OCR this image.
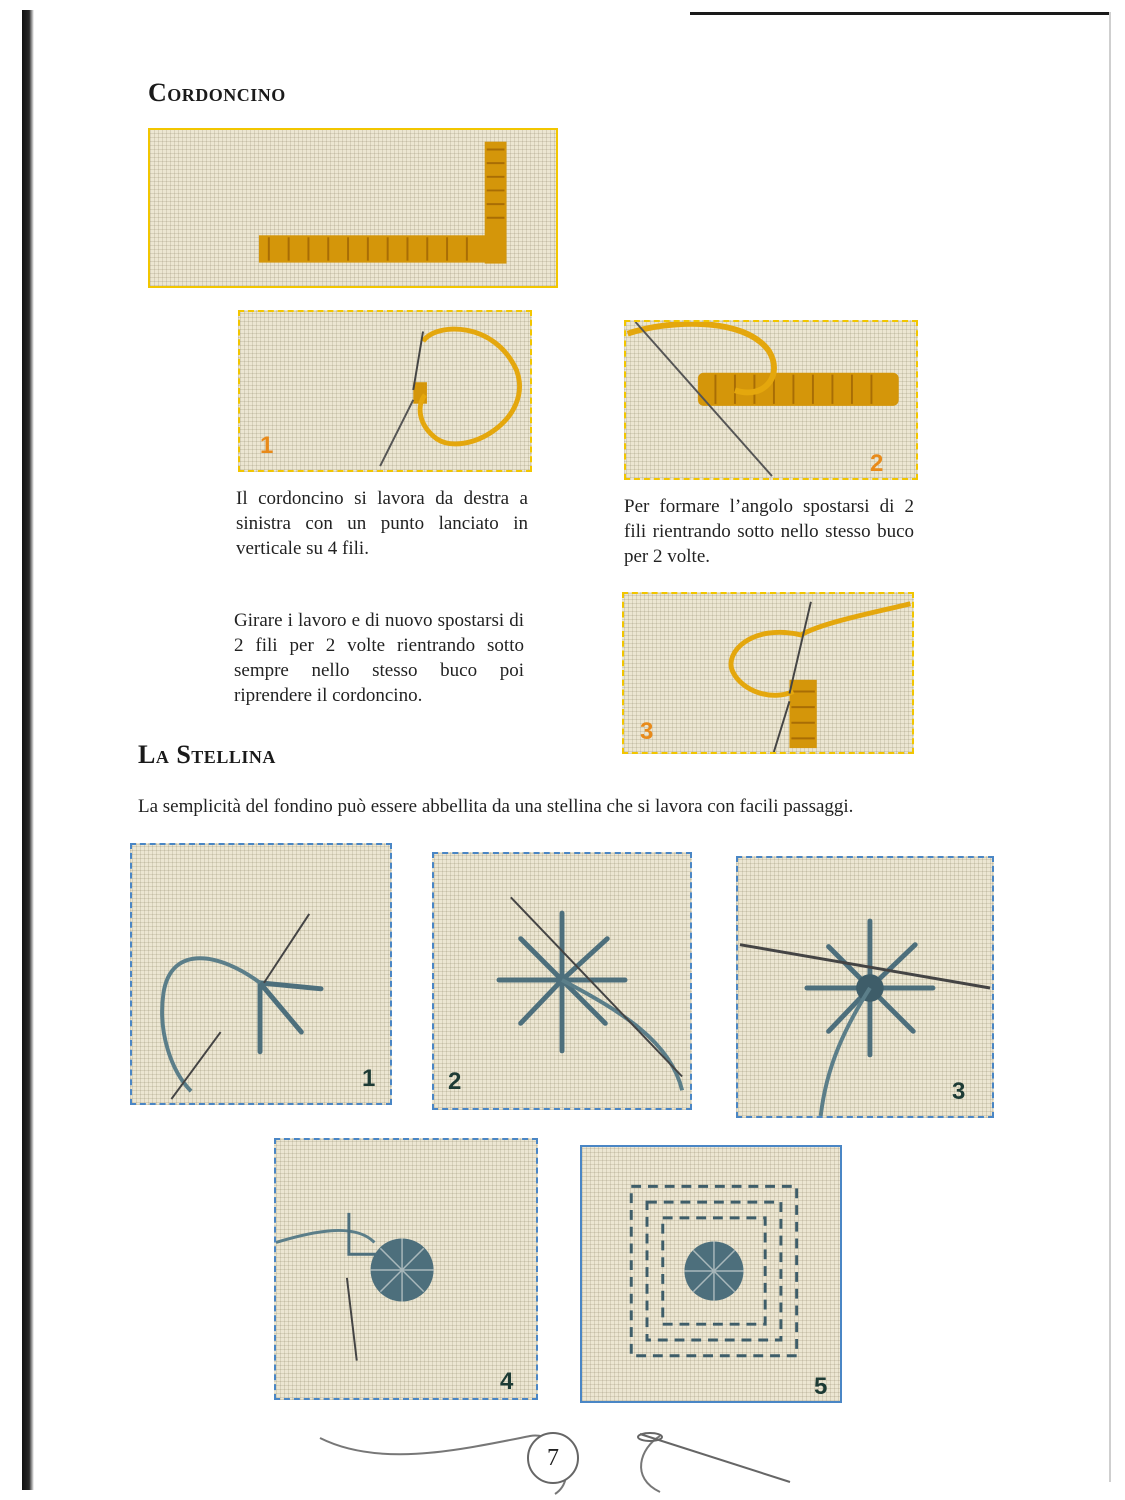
Cordoncino
1
2

Il cordoncino si lavora da destra a sinistra con un punto lanciato in verticale su 4 fili.

Per formare l’angolo spostarsi di 2 fili rientrando sotto nello stesso buco per 2 volte.

Girare i lavoro e di nuovo spostarsi di 2 fili per 2 volte rientrando sotto sempre nello stesso buco poi riprendere il cordoncino.

3
La Stellina

La semplicità del fondino può essere abbellita da una stellina che si lavora con facili passaggi.

1	2	3
4	5
7
